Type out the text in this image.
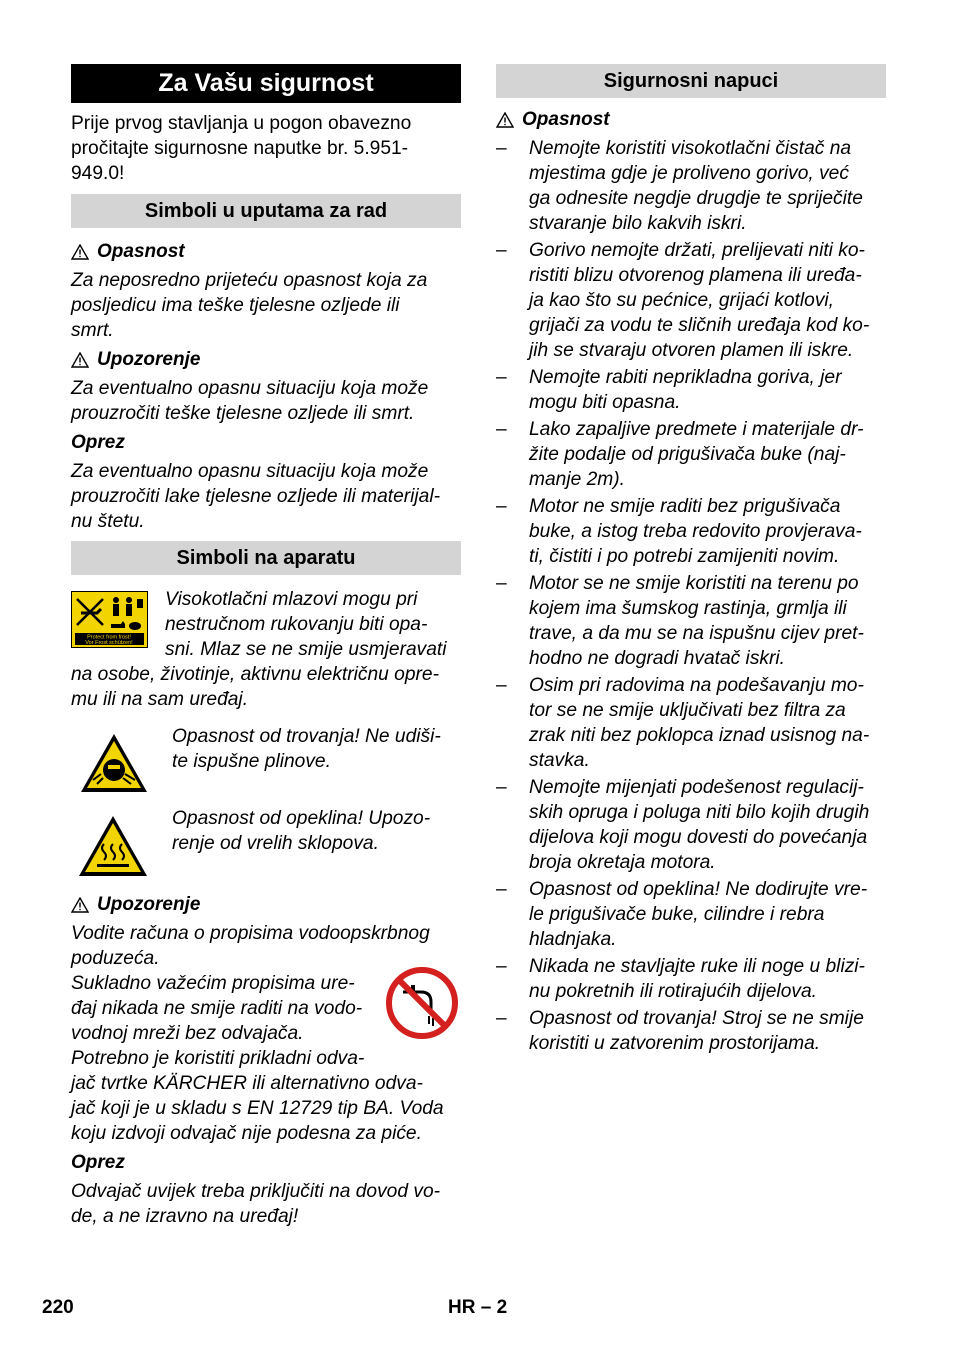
Za Vašu sigurnost

Prije prvog stavljanja u pogon obavezno

pročitajte sigurnosne naputke br. 5.951-

949.0!

Simboli u uputama za rad
Opasnost

Za neposredno prijeteću opasnost koja za

posljedicu ima teške tjelesne ozljede ili

smrt.

Upozorenje

Za eventualno opasnu situaciju koja može

prouzročiti teške tjelesne ozljede ili smrt.

Oprez

Za eventualno opasnu situaciju koja može

prouzročiti lake tjelesne ozljede ili materijal-

nu štetu.

Simboli na aparatu
Protect from frost!
Vor Frost schützen!

Visokotlačni mlazovi mogu pri

nestručnom rukovanju biti opa-

sni. Mlaz se ne smije usmjeravati

na osobe, životinje, aktivnu električnu opre-

mu ili na sam uređaj.

Opasnost od trovanja! Ne udiši-

te ispušne plinove.

Opasnost od opeklina! Upozo-

renje od vrelih sklopova.

Upozorenje

Vodite računa o propisima vodoopskrbnog

poduzeća.

Sukladno važećim propisima ure-

đaj nikada ne smije raditi na vodo-

vodnoj mreži bez odvajača.

Potrebno je koristiti prikladni odva-

jač tvrtke KÄRCHER ili alternativno odva-

jač koji je u skladu s EN 12729 tip BA. Voda

koju izdvoji odvajač nije podesna za piće.

Oprez

Odvajač uvijek treba priključiti na dovod vo-

de, a ne izravno na uređaj!

Sigurnosni napuci
Opasnost
– Nemojte koristiti visokotlačni čistač na
mjestima gdje je proliveno gorivo, već
ga odnesite negdje drugdje te spriječite
stvaranje bilo kakvih iskri.
– Gorivo nemojte držati, prelijevati niti ko-
ristiti blizu otvorenog plamena ili uređa-
ja kao što su pećnice, grijaći kotlovi,
grijači za vodu te sličnih uređaja kod ko-
jih se stvaraju otvoren plamen ili iskre.
– Nemojte rabiti neprikladna goriva, jer
mogu biti opasna.
– Lako zapaljive predmete i materijale dr-
žite podalje od prigušivača buke (naj-
manje 2m).
– Motor ne smije raditi bez prigušivača
buke, a istog treba redovito provjerava-
ti, čistiti i po potrebi zamijeniti novim.
– Motor se ne smije koristiti na terenu po
kojem ima šumskog rastinja, grmlja ili
trave, a da mu se na ispušnu cijev pret-
hodno ne dogradi hvatač iskri.
– Osim pri radovima na podešavanju mo-
tor se ne smije uključivati bez filtra za
zrak niti bez poklopca iznad usisnog na-
stavka.
– Nemojte mijenjati podešenost regulacij-
skih opruga i poluga niti bilo kojih drugih
dijelova koji mogu dovesti do povećanja
broja okretaja motora.
– Opasnost od opeklina! Ne dodirujte vre-
le prigušivače buke, cilindre i rebra
hladnjaka.
– Nikada ne stavljajte ruke ili noge u blizi-
nu pokretnih ili rotirajućih dijelova.
– Opasnost od trovanja! Stroj se ne smije
koristiti u zatvorenim prostorijama.
220	HR – 2
